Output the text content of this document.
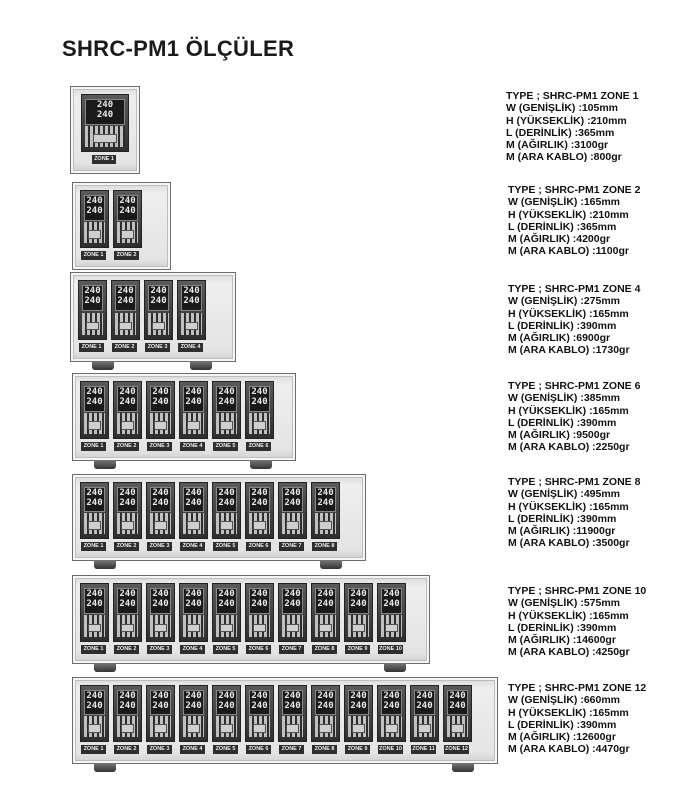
SHRC-PM1 ÖLÇÜLER
240
240
ZONE 1
TYPE ; SHRC-PM1 ZONE 1
W (GENİŞLİK) :105mm
H (YÜKSEKLİK) :210mm
L (DERİNLİK) :365mm
M (AĞIRLIK) :3100gr
M (ARA KABLO) :800gr
240
240
ZONE 1
240
240
ZONE 2
TYPE ; SHRC-PM1 ZONE 2
W (GENİŞLİK) :165mm
H (YÜKSEKLİK) :210mm
L (DERİNLİK) :365mm
M (AĞIRLIK) :4200gr
M (ARA KABLO) :1100gr
240
240
ZONE 1
240
240
ZONE 2
240
240
ZONE 3
240
240
ZONE 4
TYPE ; SHRC-PM1 ZONE 4
W (GENİŞLİK) :275mm
H (YÜKSEKLİK) :165mm
L (DERİNLİK) :390mm
M (AĞIRLIK) :6900gr
M (ARA KABLO) :1730gr
240
240
ZONE 1
240
240
ZONE 2
240
240
ZONE 3
240
240
ZONE 4
240
240
ZONE 5
240
240
ZONE 6
TYPE ; SHRC-PM1 ZONE 6
W (GENİŞLİK) :385mm
H (YÜKSEKLİK) :165mm
L (DERİNLİK) :390mm
M (AĞIRLIK) :9500gr
M (ARA KABLO) :2250gr
240
240
ZONE 1
240
240
ZONE 2
240
240
ZONE 3
240
240
ZONE 4
240
240
ZONE 5
240
240
ZONE 6
240
240
ZONE 7
240
240
ZONE 8
TYPE ; SHRC-PM1 ZONE 8
W (GENİŞLİK) :495mm
H (YÜKSEKLİK) :165mm
L (DERİNLİK) :390mm
M (AĞIRLIK) :11900gr
M (ARA KABLO) :3500gr
240
240
ZONE 1
240
240
ZONE 2
240
240
ZONE 3
240
240
ZONE 4
240
240
ZONE 5
240
240
ZONE 6
240
240
ZONE 7
240
240
ZONE 8
240
240
ZONE 9
240
240
ZONE 10
TYPE ; SHRC-PM1 ZONE 10
W (GENİŞLİK) :575mm
H (YÜKSEKLİK) :165mm
L (DERİNLİK) :390mm
M (AĞIRLIK) :14600gr
M (ARA KABLO) :4250gr
240
240
ZONE 1
240
240
ZONE 2
240
240
ZONE 3
240
240
ZONE 4
240
240
ZONE 5
240
240
ZONE 6
240
240
ZONE 7
240
240
ZONE 8
240
240
ZONE 9
240
240
ZONE 10
240
240
ZONE 11
240
240
ZONE 12
TYPE ; SHRC-PM1 ZONE 12
W (GENİŞLİK) :660mm
H (YÜKSEKLİK) :165mm
L (DERİNLİK) :390mm
M (AĞIRLIK) :12600gr
M (ARA KABLO) :4470gr
